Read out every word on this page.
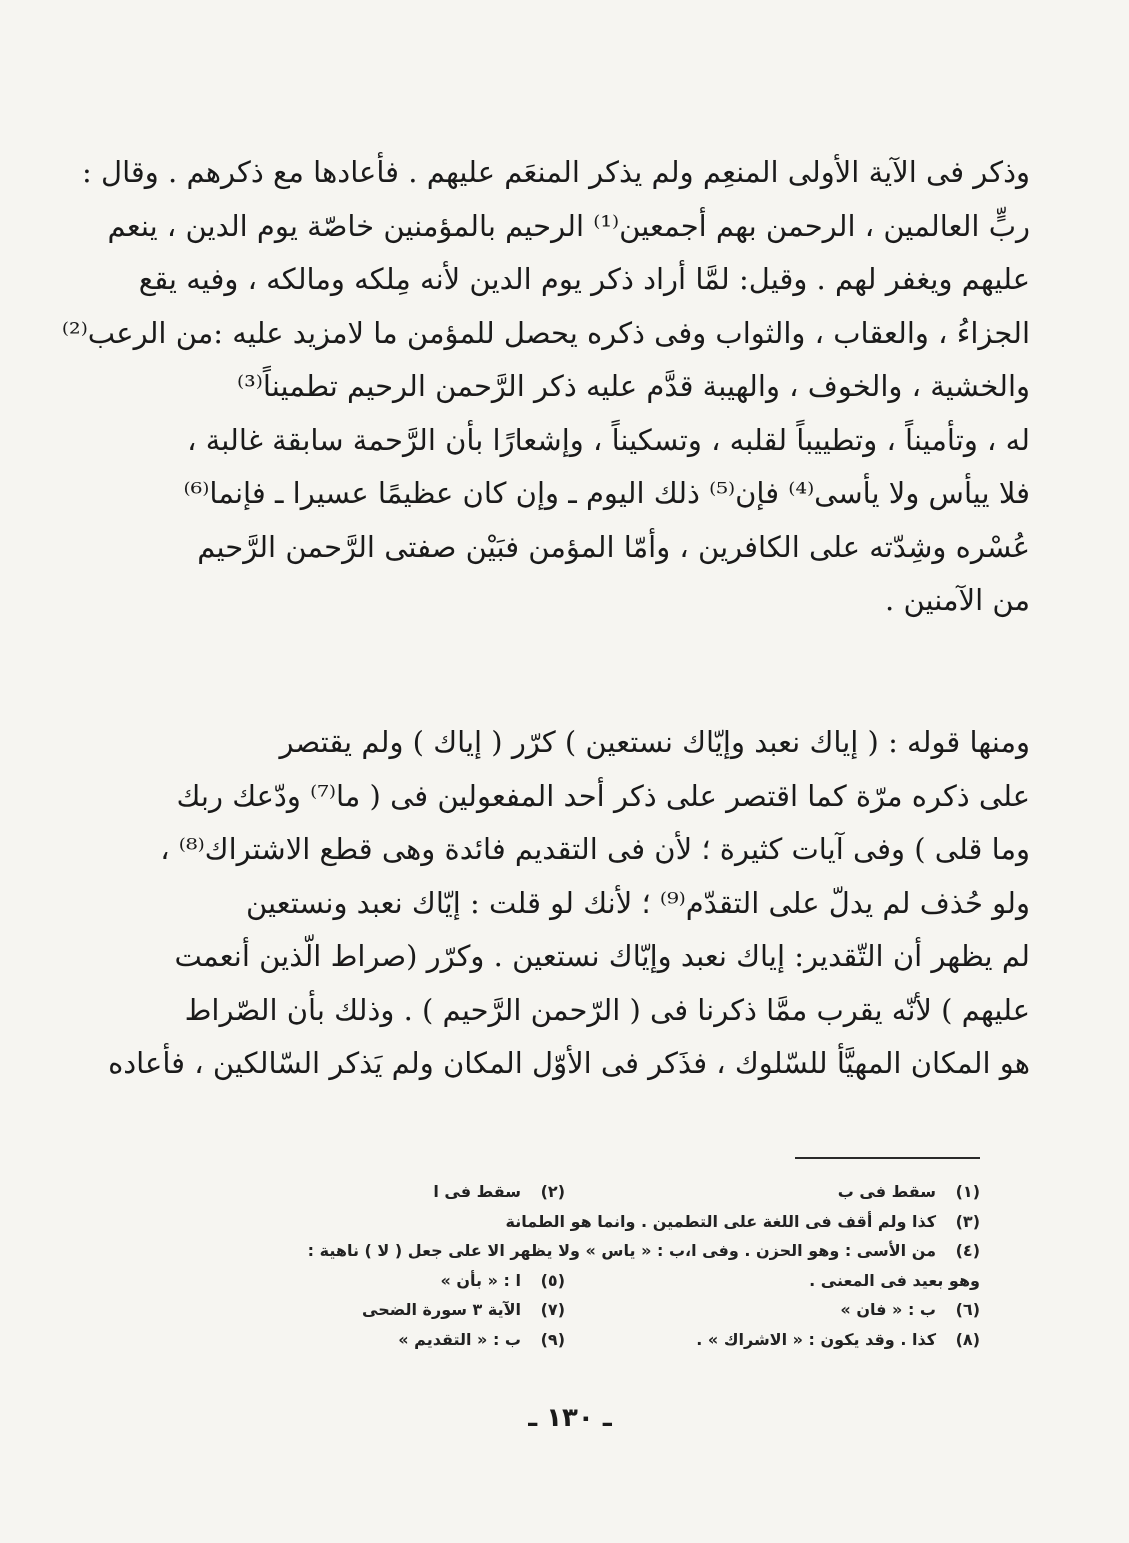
وذكر فى الآية الأولى المنعِم ولم يذكر المنعَم عليهم . فأعادها مع ذكرهم . وقال :
ربٍّ العالمين ، الرحمن بهم أجمعين⁽¹⁾ الرحيم بالمؤمنين خاصّة يوم الدين ، ينعم
عليهم ويغفر لهم . وقيل: لمَّا أراد ذكر يوم الدين لأنه مِلكه ومالكه ، وفيه يقع
الجزاءُ ، والعقاب ، والثواب وفى ذكره يحصل للمؤمن ما لامزيد عليه :من الرعب⁽²⁾
والخشية ، والخوف ، والهيبة قدَّم عليه ذكر الرَّحمن الرحيم تطميناً⁽³⁾
له ، وتأميناً ، وتطييباً لقلبه ، وتسكيناً ، وإشعارًا بأن الرَّحمة سابقة غالبة ،
فلا ييأس ولا يأسى⁽⁴⁾ فإن⁽⁵⁾ ذلك اليوم ـ وإن كان عظيمًا عسيرا ـ فإنما⁽⁶⁾
عُسْره وشِدّته على الكافرين ، وأمّا المؤمن فبَيْن صفتى الرَّحمن الرَّحيم
من الآمنين .
ومنها قوله : ( إياك نعبد وإيّاك نستعين ) كرّر ( إياك ) ولم يقتصر
على ذكره مرّة كما اقتصر على ذكر أحد المفعولين فى ( ما⁽⁷⁾ ودّعك ربك
وما قلى ) وفى آيات كثيرة ؛ لأن فى التقديم فائدة وهى قطع الاشتراك⁽⁸⁾ ،
ولو حُذف لم يدلّ على التقدّم⁽⁹⁾ ؛ لأنك لو قلت : إيّاك نعبد ونستعين
لم يظهر أن التّقدير: إياك نعبد وإيّاك نستعين . وكرّر (صراط الّذين أنعمت
عليهم ) لأنّه يقرب ممَّا ذكرنا فى ( الرّحمن الرَّحيم ) . وذلك بأن الصّراط
هو المكان المهيَّأ للسّلوك ، فذَكر فى الأوّل المكان ولم يَذكر السّالكين ، فأعاده
(١)
سقط فى ب
(٢)
سقط فى ا
(٣)
كذا ولم أقف فى اللغة على التطمين . وانما هو الطمانة
(٤)
من الأسى : وهو الحزن . وفى ا،ب : « ياس » ولا يظهر الا على جعل ( لا ) ناهية :
وهو بعيد فى المعنى .
(٥)
ا : « بأن »
(٦)
ب : « فان »
(٧)
الآية ٣ سورة الضحى
(٨)
كذا . وقد يكون : « الاشراك » .
(٩)
ب : « التقديم »
ـ ١٣٠ ـ
